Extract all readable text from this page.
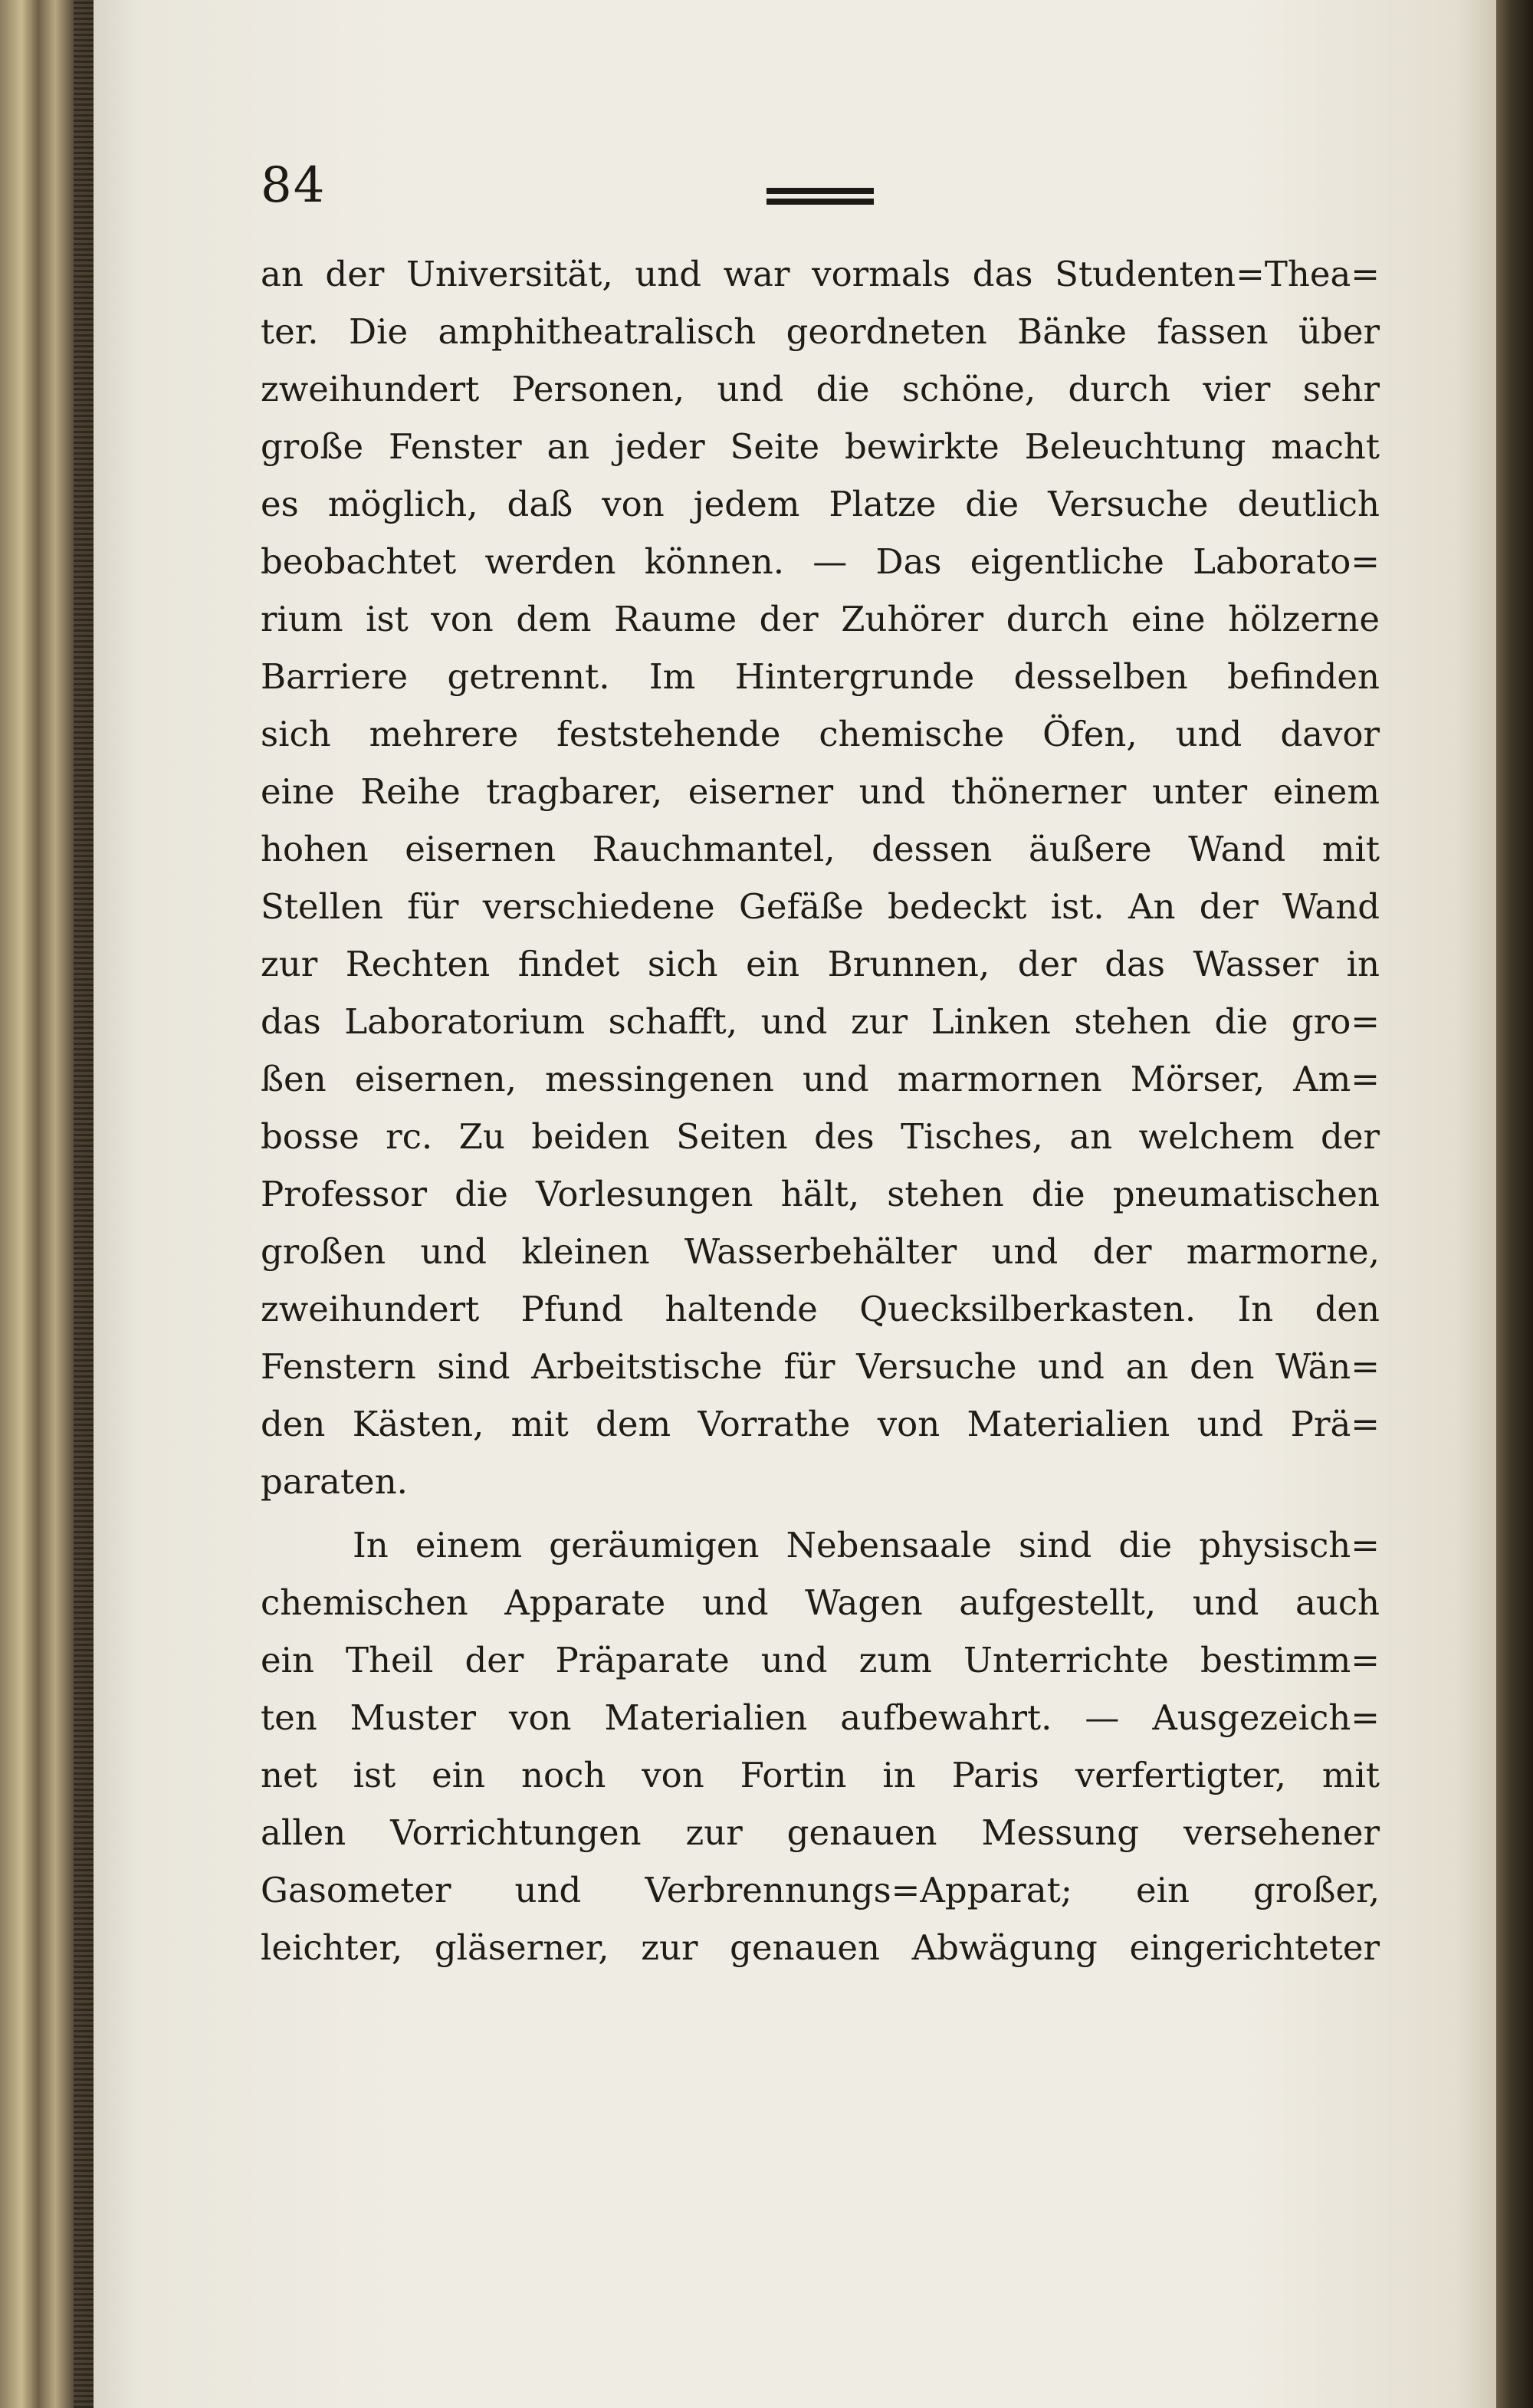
84
an der Universität, und war vormals das Studenten=Thea=
ter. Die amphitheatralisch geordneten Bänke fassen über
zweihundert Personen, und die schöne, durch vier sehr
große Fenster an jeder Seite bewirkte Beleuchtung macht
es möglich, daß von jedem Platze die Versuche deutlich
beobachtet werden können. — Das eigentliche Laborato=
rium ist von dem Raume der Zuhörer durch eine hölzerne
Barriere getrennt. Im Hintergrunde desselben befinden
sich mehrere feststehende chemische Öfen, und davor
eine Reihe tragbarer, eiserner und thönerner unter einem
hohen eisernen Rauchmantel, dessen äußere Wand mit
Stellen für verschiedene Gefäße bedeckt ist. An der Wand
zur Rechten findet sich ein Brunnen, der das Wasser in
das Laboratorium schafft, und zur Linken stehen die gro=
ßen eisernen, messingenen und marmornen Mörser, Am=
bosse rc. Zu beiden Seiten des Tisches, an welchem der
Professor die Vorlesungen hält, stehen die pneumatischen
großen und kleinen Wasserbehälter und der marmorne,
zweihundert Pfund haltende Quecksilberkasten. In den
Fenstern sind Arbeitstische für Versuche und an den Wän=
den Kästen, mit dem Vorrathe von Materialien und Prä=
paraten.
In einem geräumigen Nebensaale sind die physisch=
chemischen Apparate und Wagen aufgestellt, und auch
ein Theil der Präparate und zum Unterrichte bestimm=
ten Muster von Materialien aufbewahrt. — Ausgezeich=
net ist ein noch von Fortin in Paris verfertigter, mit
allen Vorrichtungen zur genauen Messung versehener
Gasometer und Verbrennungs=Apparat; ein großer,
leichter, gläserner, zur genauen Abwägung eingerichteter
